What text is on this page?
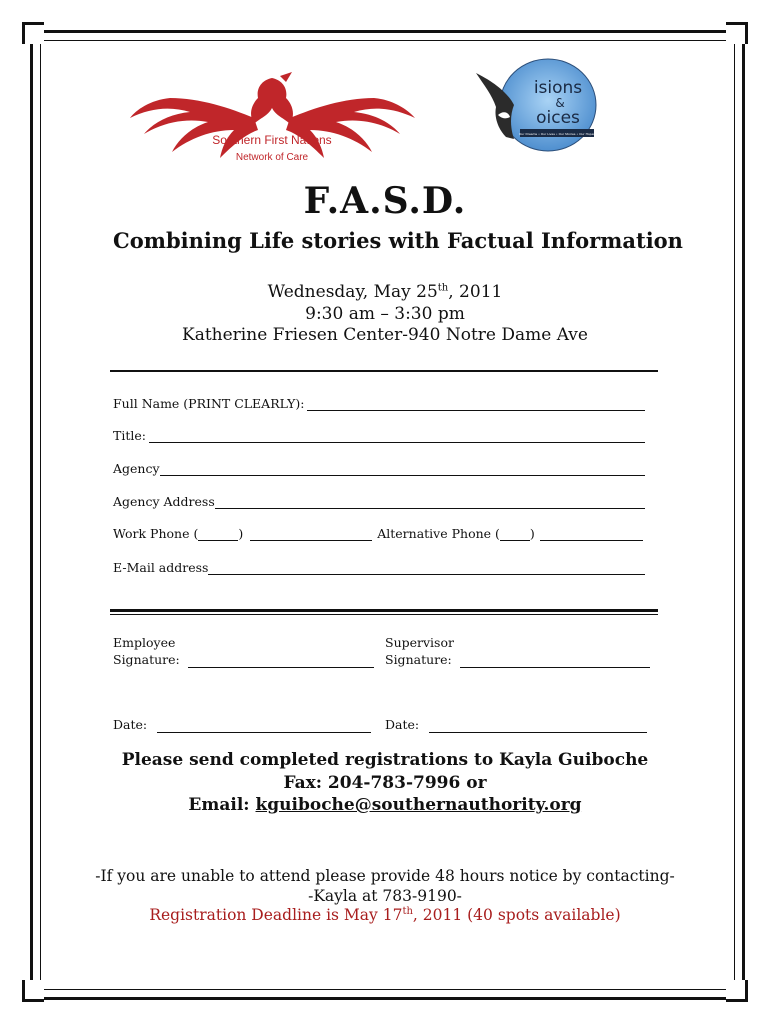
Southern First Nations
Network of Care
isions
&
oices
Our Dreams • Our Lives • Our Stories • Our Hopes
F.A.S.D.
Combining Life stories with Factual Information
Wednesday, May 25th, 2011
9:30 am – 3:30 pm
Katherine Friesen Center-940 Notre Dame Ave
Full Name (PRINT CLEARLY):
Title:
Agency
Agency Address
Work Phone (	)	Alternative Phone ( )
E-Mail address
Employee
Signature:
Supervisor
Signature:
Date:	Date:
Please send completed registrations to Kayla Guiboche
Fax: 204-783-7996 or
Email: kguiboche@southernauthority.org
-If you are unable to attend please provide 48 hours notice by contacting-
-Kayla at 783-9190-
Registration Deadline is May 17th, 2011 (40 spots available)
